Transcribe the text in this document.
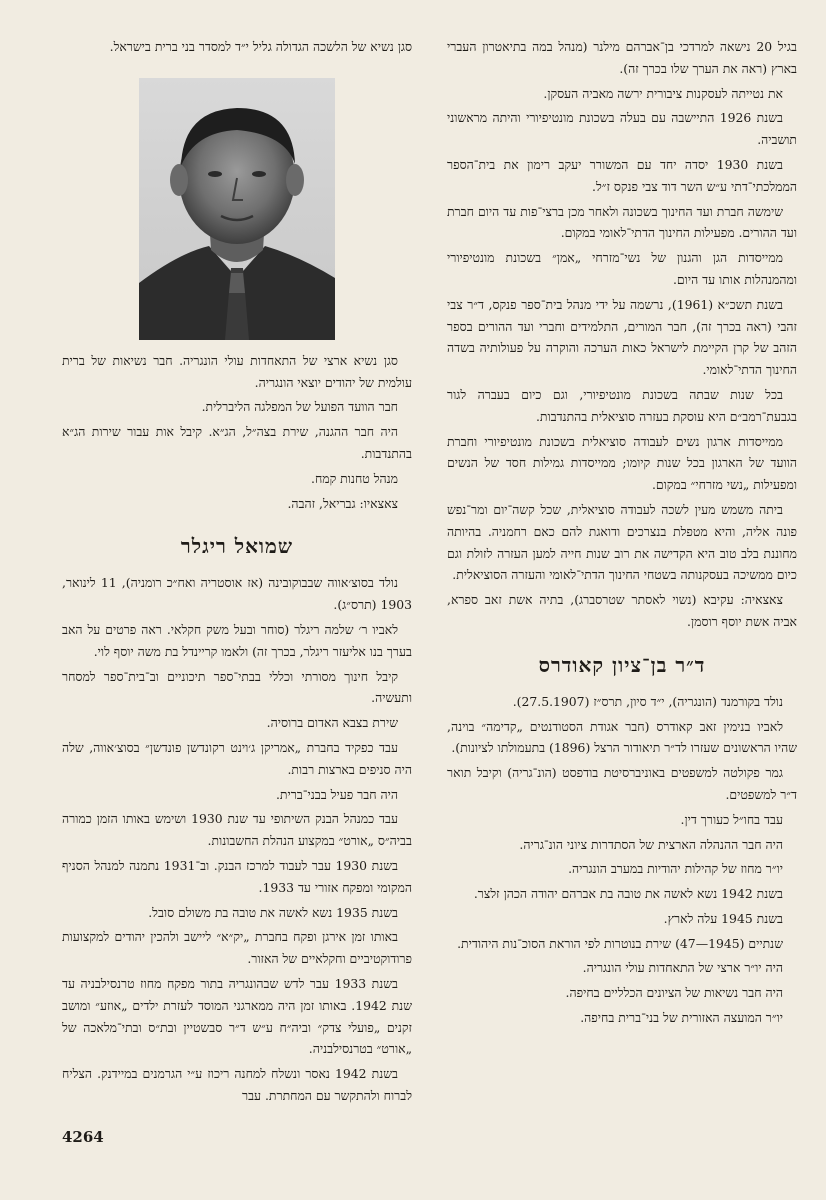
בגיל 20 נישאה למרדכי בן־אברהם מילנר (מנהל במה בתיאטרון העברי בארץ (ראה את הערך שלו בכרך זה).

את נטייתה לעסקנות ציבורית ירשה מאביה העסקן.

בשנת 1926 התיישבה עם בעלה בשכונת מונטיפיורי והיתה מראשוני תושביה.

בשנת 1930 יסדה יחד עם המשורר יעקב רימון את בית־הספר הממלכתי־דתי ע״ש השר דוד צבי פנקס ז״ל.

שימשה חברת ועד החינוך בשכונה ולאחר מכן ברצי־פות עד היום חברת ועד ההורים. מפעילות החינוך הדתי־לאומי במקום.

ממייסדות הגן והגנון של נשי־מזרחי „אמן״ בשכונת מונטיפיורי ומהמנהלות אותו עד היום.

בשנת תשכ״א (1961), נרשמה על ידי מנהל בית־ספר פנקס, ד״ר צבי זהבי (ראה בכרך זה), חבר המורים, התלמידים וחברי ועד ההורים בספר הזהב של קרן הקיימת לישראל כאות הערכה והוקרה על פעולותיה בשדה החינוך הדתי־לאומי.

בכל שנות שבתה בשכונת מונטיפיורי, וגם כיום בעברה לגור בגבעת־רמב״ם היא עוסקת בעזרה סוציאלית בהתנדבות.

ממייסדות ארגון נשים לעבודה סוציאלית בשכונת מונטיפיורי וחברת הוועד של הארגון בכל שנות קיומו; ממייסדות גמילות חסד של הנשים ומפעילות „נשי מזרחי״ במקום.

ביתה משמש מעין לשכה לעבודה סוציאלית, שכל קשה־יום ומר־נפש פונה אליה, והיא מטפלת בנצרכים ודואגת להם כאם רחמניה. בהיותה מחוננת בלב טוב היא הקדישה את רוב שנות חייה למען העזרה לזולת וגם כיום ממשיכה בעסקנותה בשטחי החינוך הדתי־לאומי והעזרה הסוציאלית.

צאצאיה: עקיבא (נשוי לאסתר שטרסברג), בתיה אשת זאב ספרא, אביה אשת יוסף רוסמן.

ד״ר בן־ציון קאודרס

נולד בקורמנד (הונגריה), י״ד סיון, תרס״ז (27.5.1907).

לאביו בנימין זאב קאודרס (חבר אגודת הסטודנטים „קדימה״ בוינה, שהיו הראשונים שעזרו לד״ר תיאודור הרצל (1896) בתעמולתו לציונות).

גמר פקולטה למשפטים באוניברסיטת בודפסט (הונ־גריה) וקיבל תואר ד״ר למשפטים.

עבד בחו״ל כעורך דין.

היה חבר ההנהלה הארצית של הסתדרות ציוני הונ־גריה.

יו״ר מחוז של קהילות יהודיות במערב הונגריה.

בשנת 1942 נשא לאשה את טובה בת אברהם יהודה הכהן זלצר.

בשנת 1945 עלה לארץ.

שנתיים (1945—47) שירת בנוטרות לפי הוראת הסוכ־נות היהודית.

היה יו״ר ארצי של התאחדות עולי הונגריה.

היה חבר נשיאות של הציונים הכלליים בחיפה.

יו״ר המועצה האזורית של בני־ברית בחיפה.

סגן נשיא של הלשכה הגדולה גליל י״ד למסדר בני ברית בישראל.

סגן נשיא ארצי של התאחדות עולי הונגריה. חבר נשיאות של ברית עולמית של יהודים יוצאי הונגריה.

חבר הוועד הפועל של המפלגה הליברלית.

היה חבר ההגנה, שירת בצה״ל, הג״א. קיבל אות עבור שירות הג״א בהתנדבות.

מנהל טחנות קמח.

צאצאיו: גבריאל, זהבה.

שמואל ריגלר

נולד בסוצ׳אווה שבבוקובינה (אז אוסטריה ואח״כ רומניה), 11 לינואר, 1903 (תרס״ג).

לאביו ר׳ שלמה ריגלר (סוחר ובעל משק חקלאי. ראה פרטים על האב בערך בנו אליעזר ריגלר, בכרך זה) ולאמו קריינדל בת משה יוסף לוי.

קיבל חינוך מסורתי וכללי בבתי־ספר תיכוניים וב־בית־ספר למסחר ותעשיה.

שירת בצבא האדום ברוסיה.

עבד כפקיד בחברת „אמריקן ג׳וינט רקונדשן פונדשן״ בסוצ׳אווה, שלה היה סניפים בארצות רבות.

היה חבר פעיל בבני־ברית.

עבד כמנהל הבנק השיתופי עד שנת 1930 ושימש באותו הזמן כמורה בביה״ס „אורט״ במקצוע הנהלת החשבונות.

בשנת 1930 עבר לעבוד למרכז הבנק. וב־1931 נתמנה למנהל הסניף המקומי ומפקח אזורי עד 1933.

בשנת 1935 נשא לאשה את טובה בת משולם סובל.

באותו זמן אירגן ופקח בחברת „יק״א״ ליישב ולהכין יהודים למקצועות פרודוקטיביים וחקלאיים של האזור.

בשנת 1933 עבר לדש שבהונגריה בתור מפקח מחוז טרנסילבניה עד שנת 1942. באותו זמן היה ממארגני המוסד לעזרת ילדים „אוזע״ ומושב זקנים „פועלי צדק״ וביה״ח ע״ש ד״ר סבשטיין ובת״ס ובתי־מלאכה של „אורט״ בטרנסילבניה.

בשנת 1942 נאסר ונשלח למחנה ריכוז ע״י הגרמנים במיידנק. הצליח לברוח ולהתקשר עם המחתרת. עבר

4264
